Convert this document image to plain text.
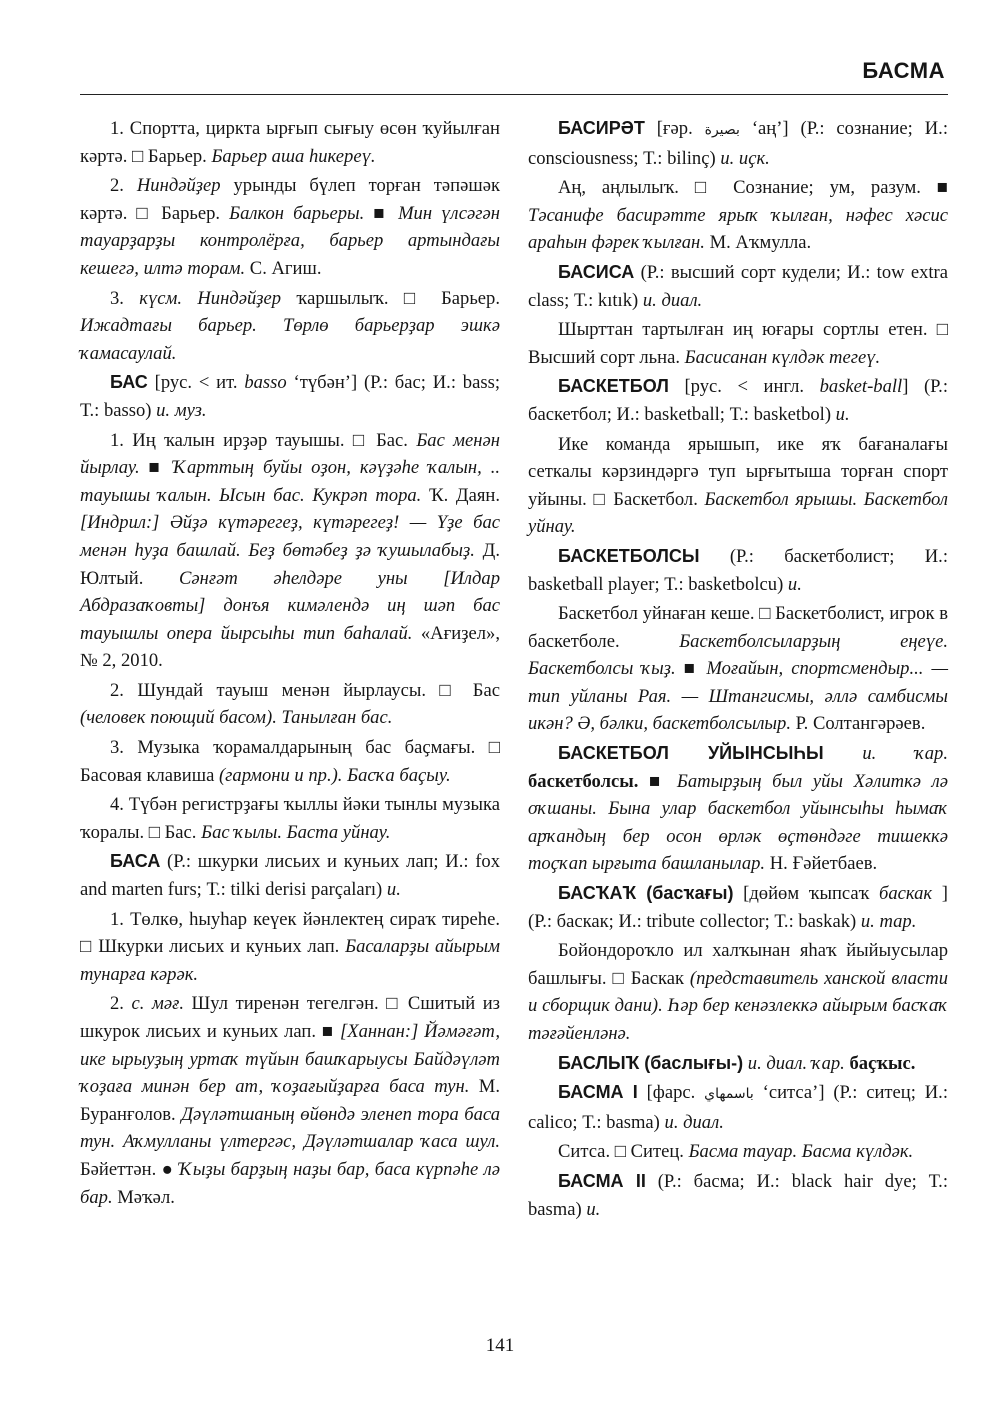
БАСМА

1. Спортта, циркта ырғып сығыу өсөн ҡуйылған кәртә. □ Барьер. Барьер аша һикереү.

2. Ниндәйҙер урынды бүлеп торған тәпәшәк кәртә. □ Барьер. Балкон барьеры. ■ Мин үлсәгән тауарҙарҙы контролёрға, барьер артындағы кешегә, илтә торам. С. Агиш.

3. күсм. Ниндәйҙер ҡаршылыҡ. □ Барьер. Ижадтағы барьер. Төрлө барьерҙар эшкә ҡамасаулай.

БАС [рус. < ит. basso ‘түбән’] (Р.: бас; И.: bass; Т.: basso) и. муз.

1. Иң ҡалын ирҙәр тауышы. □ Бас. Бас менән йырлау. ■ Ҡарттың буйы оҙон, кәүҙәһе ҡалын, .. тауышы ҡалын. Ысын бас. Кукрәп тора. Ҡ. Даян. [Индрил:] Әйҙә күтәрегеҙ, күтәрегеҙ! — Үҙе бас менән һуҙа башлай. Беҙ бөтәбеҙ ҙә ҡушылабыҙ. Д. Юлтый. Сәнғәт әһелдәре уны [Илдар Абдразаҡовты] донъя кимәлендә иң шәп бас тауышлы опера йырсыһы тип баһалай. «Ағиҙел», № 2, 2010.

2. Шундай тауыш менән йырлаусы. □ Бас (человек поющий басом). Танылған бас.

3. Музыка ҡорамалдарының бас баҫмағы. □ Басовая клавиша (гармони и пр.). Басҡа баҫыу.

4. Түбән регистрҙағы ҡыллы йәки тынлы музыка ҡоралы. □ Бас. Бас ҡылы. Баста уйнау.

БАСА (Р.: шкурки лисьих и куньих лап; И.: fox and marten furs; Т.: tilki derisi parçaları) и.

1. Төлкө, һыуһар кеүек йәнлектең сираҡ тиреһе. □ Шкурки лисьих и куньих лап. Басаларҙы айырым тунарға кәрәк.

2. с. мәғ. Шул тиренән тегелгән. □ Сшитый из шкурок лисьих и куньих лап. ■ [Ханнан:] Йәмәғәт, ике ырыуҙың уртаҡ түйын башҡарыусы Байдәүләт ҡоҙаға минән бер ат, ҡоҙағыйҙарға баса тун. М. Буранғолов. Дәүләтшаның өйөндә эленеп тора баса тун. Аҡмулланы үлтергәс, Дәүләтшалар ҡаса шул. Бәйеттән. ● Ҡыҙы барҙың наҙы бар, баса күрпәһе лә бар. Мәҡәл.

БАСИРӘТ [ғәр. بصيرة ‘аң’] (Р.: сознание; И.: consciousness; Т.: bilinç) и. иҫк.

Аң, аңлылыҡ. □ Сознание; ум, разум. ■ Тәсанифе басирәтте ярыҡ ҡылған, нәфес хәсис араһын фәрек ҡылған. М. Аҡмулла.

БАСИСА (Р.: высший сорт кудели; И.: tow extra class; Т.: kıtık) и. диал.

Шырттан тартылған иң юғары сортлы етен. □ Высший сорт льна. Басисанан күлдәк тегеү.

БАСКЕТБОЛ [рус. < ингл. basket-ball] (Р.: баскетбол; И.: basketball; Т.: basketbol) и.

Ике команда ярышып, ике яҡ бағаналағы сеткалы кәрзиндәргә туп ырғытыша торған спорт уйыны. □ Баскетбол. Баскетбол ярышы. Баскетбол уйнау.

БАСКЕТБОЛСЫ (Р.: баскетболист; И.: basketball player; Т.: basketbolcu) и.

Баскетбол уйнаған кеше. □ Баскетболист, игрок в баскетболе. Баскетболсыларҙың еңеүе. Баскетболсы ҡыҙ. ■ Моғайын, спортсмендыр... — тип уйланы Рая. — Штангисмы, әллә самбисмы икән? Ә, бәлки, баскетболсылыр. Р. Солтангәрәев.

БАСКЕТБОЛ УЙЫНСЫҺЫ и. ҡар. баскетболсы. ■ Батырҙың был уйы Хәлиткә лә оҡшаны. Бына улар баскетбол уйынсыһы һымаҡ арҡандың бер осон өрләк өҫтөндәге тишеккә тоҫҡап ырғыта башланылар. Н. Ғәйетбаев.

БАСҠАҠ (басҡағы) [дөйөм ҡыпсаҡ баскак ] (Р.: баскак; И.: tribute collector; Т.: baskak) и. тар.

Бойондороҡло ил халҡынан яһаҡ йыйыусылар башлығы. □ Баскак (представитель ханской власти и сборщик дани). Һәр бер кенәзлеккә айырым басҡаҡ тәғәйенләнә.

БАСЛЫҠ (баслығы-) и. диал. ҡар. баҫҡыс.

БАСМА I [фарс. باسمهاي ‘ситса’] (Р.: ситец; И.: calico; Т.: basma) и. диал.

Ситса. □ Ситец. Басма тауар. Басма күлдәк.

БАСМА II (Р.: басма; И.: black hair dye; Т.: basma) и.

141
